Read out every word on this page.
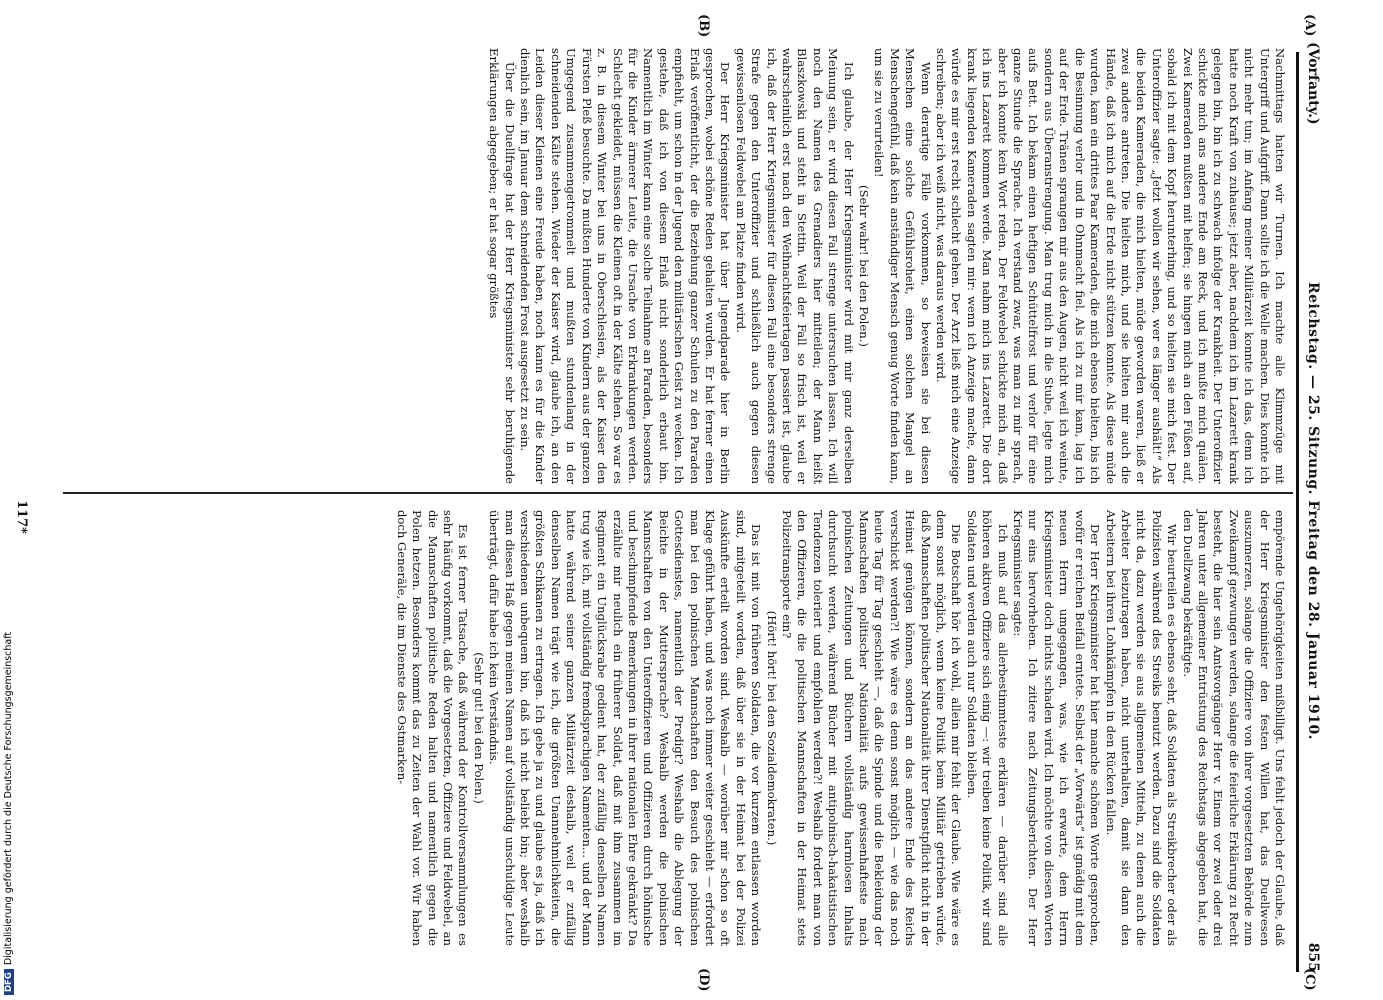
(Vorfanty.)
Reichstag. — 25. Sitzung. Freitag den 28. Januar 1910.
855
(A)
(B)
(C)
(D)

Nachmittags hatten wir Turnen. Ich machte alle Klimmzüge mit Untergriff und Aufgriff. Dann sollte ich die Welle machen. Dies konnte ich nicht mehr tun; im Anfang meiner Militärzeit konnte ich das, denn ich hatte noch Kraft von zuhause; jetzt aber, nachdem ich im Lazarett krank gelegen bin, bin ich zu schwach infolge der Krankheit. Der Unteroffizier schickte mich ans andere Ende am Reck, und ich mußte mich quälen. Zwei Kameraden mußten mit helfen; sie hingen mich an den Füßen auf, sobald ich mit dem Kopf herunterhing, und so hielten sie mich fest. Der Unteroffizier sagte: „Jetzt wollen wir sehen, wer es länger aushält!“ Als die beiden Kameraden, die mich hielten, müde geworden waren, ließ er zwei andere antreten. Die hielten mich, und sie hielten mir auch die Hände, daß ich mich auf die Erde nicht stützen konnte. Als diese müde wurden, kam ein drittes Paar Kameraden, die mich ebenso hielten, bis ich die Besinnung verlor und in Ohnmacht fiel. Als ich zu mir kam, lag ich auf der Erde. Tränen sprangen mir aus den Augen, nicht weil ich weinte, sondern aus Überanstrengung. Man trug mich in die Stube, legte mich aufs Bett. Ich bekam einen heftigen Schüttelfrost und verlor für eine ganze Stunde die Sprache. Ich verstand zwar, was man zu mir sprach, aber ich konnte kein Wort reden. Der Feldwebel schickte mich an, daß ich ins Lazarett kommen werde. Man nahm mich ins Lazarett. Die dort krank liegenden Kameraden sagten mir: wenn ich Anzeige mache, dann würde es mir erst recht schlecht gehen. Der Arzt ließ mich eine Anzeige schreiben; aber ich weiß nicht, was daraus werden wird.

Wenn derartige Fälle vorkommen, so beweisen sie bei diesen Menschen eine solche Gefühlsroheit, einen solchen Mangel an Menschengefühl, daß kein anständiger Mensch genug Worte finden kann, um sie zu verurteilen!

(Sehr wahr! bei den Polen.)

Ich glaube, der Herr Kriegsminister wird mit mir ganz derselben Meinung sein, er wird diesen Fall strenge untersuchen lassen. Ich will noch den Namen des Grenadiers hier mitteilen; der Mann heißt Blaszkowski und steht in Stettin. Weil der Fall so frisch ist, weil er wahrscheinlich erst nach den Weihnachtsfeiertagen passiert ist, glaube ich, daß der Herr Kriegsminister für diesen Fall eine besonders strenge Strafe gegen den Unteroffizier und schließlich auch gegen diesen gewissenlosen Feldwebel am Platze finden wird.

Der Herr Kriegsminister hat über Jugendparade hier in Berlin gesprochen, wobei schöne Reden gehalten wurden. Er hat ferner einen Erlaß veröffentlicht, der die Beziehung ganzer Schulen zu den Paraden empfiehlt, um schon in der Jugend den militärischen Geist zu wecken. Ich gestehe, daß ich von diesem Erlaß nicht sonderlich erbaut bin. Namentlich im Winter kann eine solche Teilnahme an Paraden, besonders für die Kinder ärmerer Leute, die Ursache von Erkrankungen werden. Schlecht gekleidet, müssen die Kleinen oft in der Kälte stehen. So war es z. B. in diesem Winter bei uns in Oberschlesien, als der Kaiser den Fürsten Pleß besuchte. Da mußten Hunderte von Kindern aus der ganzen Umgegend zusammengetrommelt und mußten stundenlang in der schneidenden Kälte stehen. Wieder der Kaiser wird, glaube ich, an den Leiden dieser Kleinen eine Freude haben, noch kann es für die Kinder dienlich sein, im Januar dem schneidenden Frost ausgesetzt zu sein.

Über die Duellfrage hat der Herr Kriegsminister sehr beruhigende Erklärungen abgegeben; er hat sogar größtes

empörende Ungehörigkeiten mißbilligt. Uns fehlt jedoch der Glaube, daß der Herr Kriegsminister den festen Willen hat, das Duellwesen auszumerzen, solange die Offiziere von ihrer vorgesetzten Behörde zum Zweikampf gezwungen werden, solange die feierliche Erklärung zu Recht besteht, die hier sein Amtsvorgänger Herr v. Einem vor zwei oder drei Jahren unter allgemeiner Entrüstung des Reichstags abgegeben hat, die den Duellzwang bekräftigte.

Wir beurteilen es ebenso sehr, daß Soldaten als Streikbrecher oder als Polizisten während des Streiks benutzt werden. Dazu sind die Soldaten nicht da, dazu werden sie aus allgemeinen Mitteln, zu denen auch die Arbeiter beizutragen haben, nicht unterhalten, damit sie dann den Arbeitern bei ihren Lohnkämpfen in den Rücken fallen.

Der Herr Kriegsminister hat hier manche schönen Worte gesprochen, wofür er reichen Beifall erntete. Selbst der „Vorwärts“ ist gnädig mit dem neuen Herrn umgegangen, was, wie ich erwarte, dem Herrn Kriegsminister doch nichts schaden wird. Ich möchte von diesen Worten nur eins hervorheben. Ich zitiere nach Zeitungsberichten. Der Herr Kriegsminister sagte:

Ich muß auf das allerbestimmteste erklären — darüber sind alle höheren aktiven Offiziere sich einig —: wir treiben keine Politik, wir sind Soldaten und werden auch nur Soldaten bleiben.

Die Botschaft hör ich wohl, allein mir fehlt der Glaube. Wie wäre es denn sonst möglich, wenn keine Politik beim Militär getrieben würde, daß Mannschaften politischer Nationalität ihrer Dienstpflicht nicht in der Heimat genügen können, sondern an das andere Ende des Reichs verschickt werden?! Wie wäre es denn sonst möglich — wie das noch heute Tag für Tag geschieht —, daß die Spinde und die Bekleidung der Mannschaften politischer Nationalität aufs gewissenhafteste nach polnischen Zeitungen und Büchern vollständig harmlosen Inhalts durchsucht werden, während Bücher mit antipolnisch-hakatistischen Tendenzen toleriert und empfohlen werden?! Weshalb fordert man von den Offizieren, die die politischen Mannschaften in der Heimat stets Polizeitransporte ein?

(Hört! hört! bei den Sozialdemokraten.)

Das ist mit von früheren Soldaten, die vor kurzem entlassen worden sind, mitgeteilt worden, daß über sie in der Heimat bei der Polizei Auskünfte erteilt worden sind. Weshalb — worüber mir schon so oft Klage geführt haben, und was noch immer weiter geschieht — erfordert man bei den polnischen Mannschaften den Besuch des polnischen Gottesdienstes, namentlich der Predigt? Weshalb die Ablegung der Beichte in der Muttersprache? Weshalb werden die polnischen Mannschaften von den Unteroffizieren und Offizieren durch höhnische und beschimpfende Bemerkungen in ihrer nationalen Ehre gekränkt? Da erzählte mir neulich ein früherer Soldat, daß mit ihm zusammen im Regiment ein Unglücksrabe gedient hat, der zufällig denselben Namen trug wie ich, mit vollständig fremdsprachigen Namenten... und der Mann hatte während seiner ganzen Militärzeit deshalb, weil er zufällig denselben Namen trägt wie ich, die größten Unannehmlichkeiten, die größten Schikanen zu ertragen. Ich gebe ja zu und glaube es ja, daß ich verschiedenen unbequem bin, daß ich nicht beliebt bin; aber weshalb man diesen Haß gegen meinen Namen auf vollständig unschuldige Leute überträgt, dafür habe ich kein Verständnis.

(Sehr gut! bei den Polen.)

Es ist ferner Tatsache, daß während der Kontrollversammlungen es sehr häufig vorkommt, daß die Vorgesetzten, Offiziere und Feldwebel, an die Mannschaften politische Reden halten und namentlich gegen die Polen hetzen. Besonders kommt das zu Zeiten der Wahl vor. Wir haben doch Generäle, die im Dienste des Ostmarken-

117*
DFGDigitalisierung gefördert durch die Deutsche Forschungsgemeinschaft
